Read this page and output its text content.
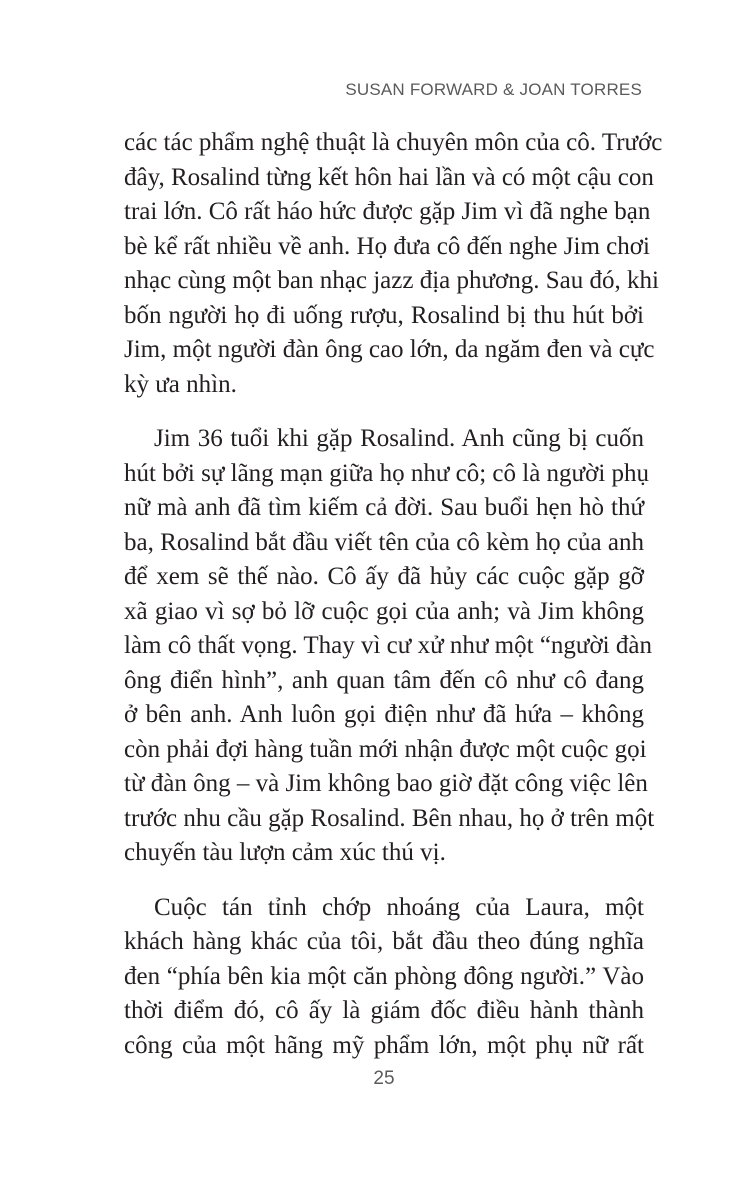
SUSAN FORWARD & JOAN TORRES
các tác phẩm nghệ thuật là chuyên môn của cô. Trước
đây, Rosalind từng kết hôn hai lần và có một cậu con
trai lớn. Cô rất háo hức được gặp Jim vì đã nghe bạn
bè kể rất nhiều về anh. Họ đưa cô đến nghe Jim chơi
nhạc cùng một ban nhạc jazz địa phương. Sau đó, khi
bốn người họ đi uống rượu, Rosalind bị thu hút bởi
Jim, một người đàn ông cao lớn, da ngăm đen và cực
kỳ ưa nhìn.
Jim 36 tuổi khi gặp Rosalind. Anh cũng bị cuốn
hút bởi sự lãng mạn giữa họ như cô; cô là người phụ
nữ mà anh đã tìm kiếm cả đời. Sau buổi hẹn hò thứ
ba, Rosalind bắt đầu viết tên của cô kèm họ của anh
để xem sẽ thế nào. Cô ấy đã hủy các cuộc gặp gỡ
xã giao vì sợ bỏ lỡ cuộc gọi của anh; và Jim không
làm cô thất vọng. Thay vì cư xử như một “người đàn
ông điển hình”, anh quan tâm đến cô như cô đang
ở bên anh. Anh luôn gọi điện như đã hứa – không
còn phải đợi hàng tuần mới nhận được một cuộc gọi
từ đàn ông – và Jim không bao giờ đặt công việc lên
trước nhu cầu gặp Rosalind. Bên nhau, họ ở trên một
chuyến tàu lượn cảm xúc thú vị.
Cuộc tán tỉnh chớp nhoáng của Laura, một
khách hàng khác của tôi, bắt đầu theo đúng nghĩa
đen “phía bên kia một căn phòng đông người.” Vào
thời điểm đó, cô ấy là giám đốc điều hành thành
công của một hãng mỹ phẩm lớn, một phụ nữ rất
25
